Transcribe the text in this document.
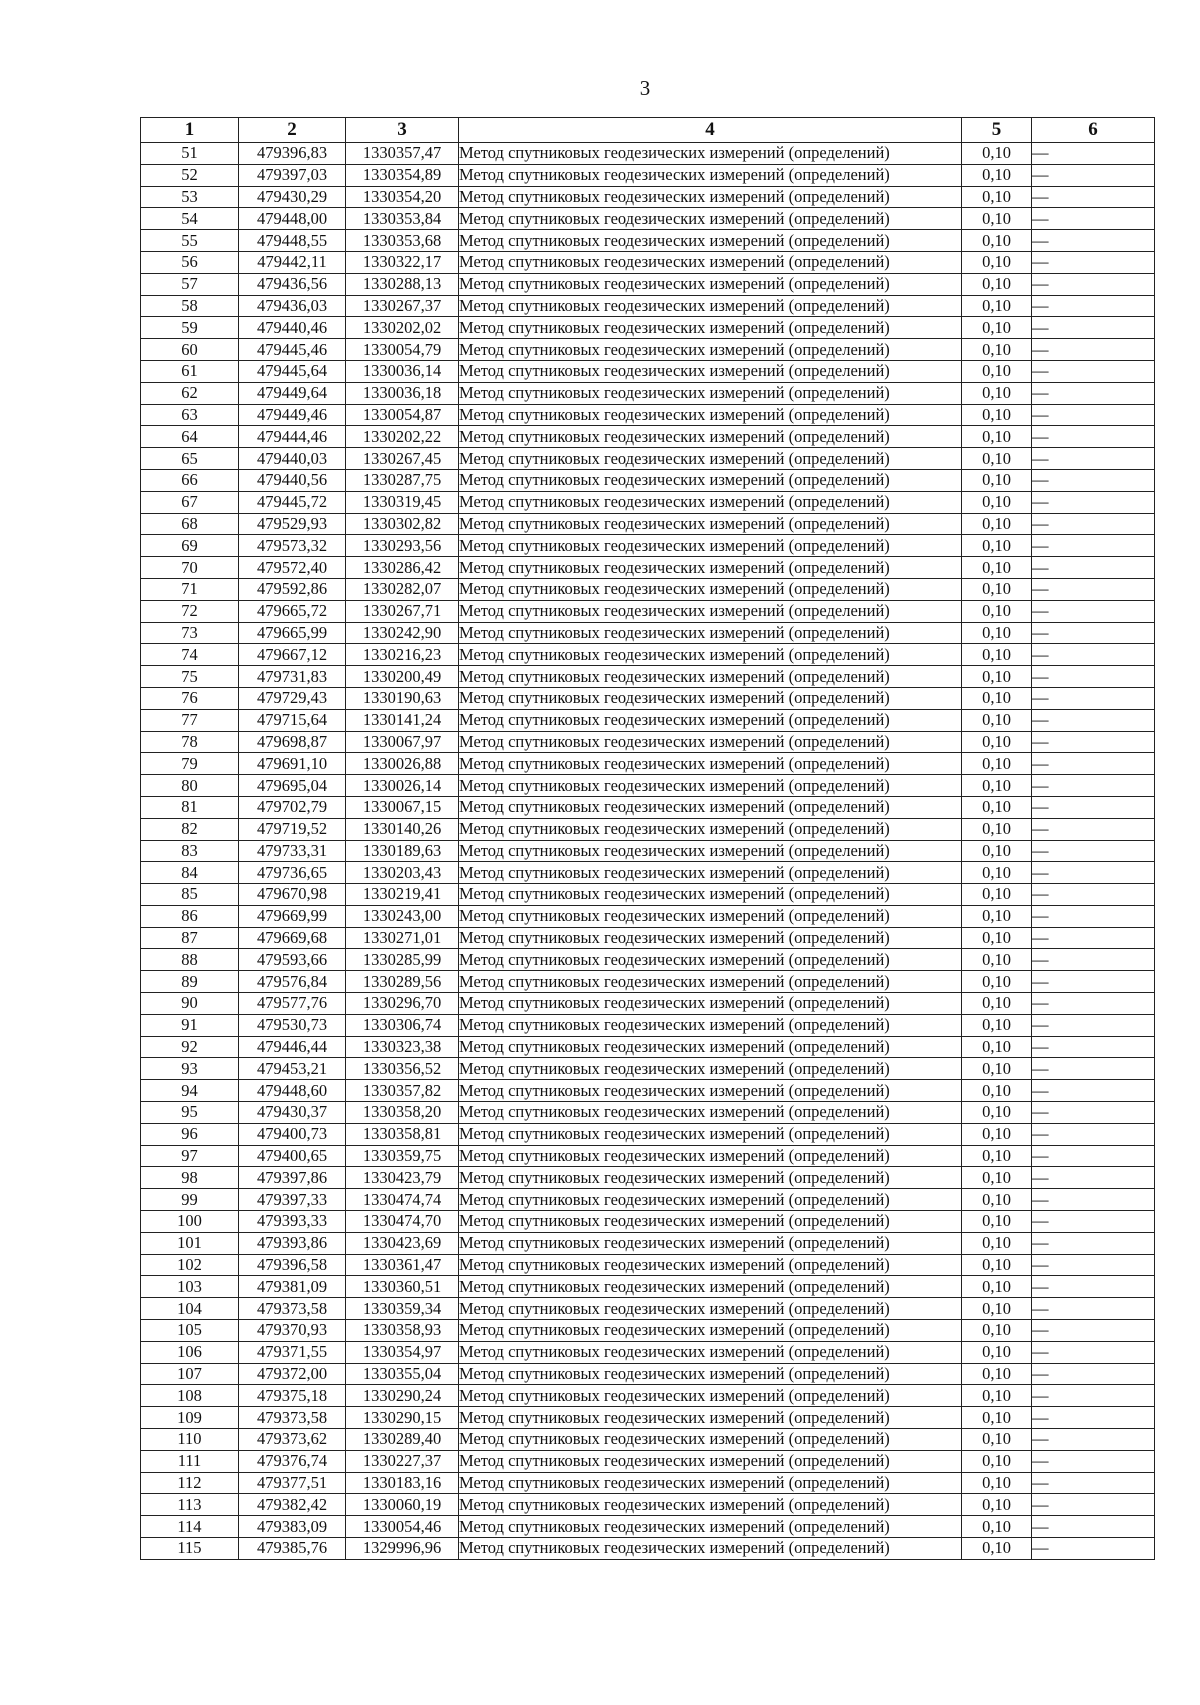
3
1	2	3	4	5	6
51	479396,83	1330357,47	Метод спутниковых геодезических измерений (определений)	0,10	—
52	479397,03	1330354,89	Метод спутниковых геодезических измерений (определений)	0,10	—
53	479430,29	1330354,20	Метод спутниковых геодезических измерений (определений)	0,10	—
54	479448,00	1330353,84	Метод спутниковых геодезических измерений (определений)	0,10	—
55	479448,55	1330353,68	Метод спутниковых геодезических измерений (определений)	0,10	—
56	479442,11	1330322,17	Метод спутниковых геодезических измерений (определений)	0,10	—
57	479436,56	1330288,13	Метод спутниковых геодезических измерений (определений)	0,10	—
58	479436,03	1330267,37	Метод спутниковых геодезических измерений (определений)	0,10	—
59	479440,46	1330202,02	Метод спутниковых геодезических измерений (определений)	0,10	—
60	479445,46	1330054,79	Метод спутниковых геодезических измерений (определений)	0,10	—
61	479445,64	1330036,14	Метод спутниковых геодезических измерений (определений)	0,10	—
62	479449,64	1330036,18	Метод спутниковых геодезических измерений (определений)	0,10	—
63	479449,46	1330054,87	Метод спутниковых геодезических измерений (определений)	0,10	—
64	479444,46	1330202,22	Метод спутниковых геодезических измерений (определений)	0,10	—
65	479440,03	1330267,45	Метод спутниковых геодезических измерений (определений)	0,10	—
66	479440,56	1330287,75	Метод спутниковых геодезических измерений (определений)	0,10	—
67	479445,72	1330319,45	Метод спутниковых геодезических измерений (определений)	0,10	—
68	479529,93	1330302,82	Метод спутниковых геодезических измерений (определений)	0,10	—
69	479573,32	1330293,56	Метод спутниковых геодезических измерений (определений)	0,10	—
70	479572,40	1330286,42	Метод спутниковых геодезических измерений (определений)	0,10	—
71	479592,86	1330282,07	Метод спутниковых геодезических измерений (определений)	0,10	—
72	479665,72	1330267,71	Метод спутниковых геодезических измерений (определений)	0,10	—
73	479665,99	1330242,90	Метод спутниковых геодезических измерений (определений)	0,10	—
74	479667,12	1330216,23	Метод спутниковых геодезических измерений (определений)	0,10	—
75	479731,83	1330200,49	Метод спутниковых геодезических измерений (определений)	0,10	—
76	479729,43	1330190,63	Метод спутниковых геодезических измерений (определений)	0,10	—
77	479715,64	1330141,24	Метод спутниковых геодезических измерений (определений)	0,10	—
78	479698,87	1330067,97	Метод спутниковых геодезических измерений (определений)	0,10	—
79	479691,10	1330026,88	Метод спутниковых геодезических измерений (определений)	0,10	—
80	479695,04	1330026,14	Метод спутниковых геодезических измерений (определений)	0,10	—
81	479702,79	1330067,15	Метод спутниковых геодезических измерений (определений)	0,10	—
82	479719,52	1330140,26	Метод спутниковых геодезических измерений (определений)	0,10	—
83	479733,31	1330189,63	Метод спутниковых геодезических измерений (определений)	0,10	—
84	479736,65	1330203,43	Метод спутниковых геодезических измерений (определений)	0,10	—
85	479670,98	1330219,41	Метод спутниковых геодезических измерений (определений)	0,10	—
86	479669,99	1330243,00	Метод спутниковых геодезических измерений (определений)	0,10	—
87	479669,68	1330271,01	Метод спутниковых геодезических измерений (определений)	0,10	—
88	479593,66	1330285,99	Метод спутниковых геодезических измерений (определений)	0,10	—
89	479576,84	1330289,56	Метод спутниковых геодезических измерений (определений)	0,10	—
90	479577,76	1330296,70	Метод спутниковых геодезических измерений (определений)	0,10	—
91	479530,73	1330306,74	Метод спутниковых геодезических измерений (определений)	0,10	—
92	479446,44	1330323,38	Метод спутниковых геодезических измерений (определений)	0,10	—
93	479453,21	1330356,52	Метод спутниковых геодезических измерений (определений)	0,10	—
94	479448,60	1330357,82	Метод спутниковых геодезических измерений (определений)	0,10	—
95	479430,37	1330358,20	Метод спутниковых геодезических измерений (определений)	0,10	—
96	479400,73	1330358,81	Метод спутниковых геодезических измерений (определений)	0,10	—
97	479400,65	1330359,75	Метод спутниковых геодезических измерений (определений)	0,10	—
98	479397,86	1330423,79	Метод спутниковых геодезических измерений (определений)	0,10	—
99	479397,33	1330474,74	Метод спутниковых геодезических измерений (определений)	0,10	—
100	479393,33	1330474,70	Метод спутниковых геодезических измерений (определений)	0,10	—
101	479393,86	1330423,69	Метод спутниковых геодезических измерений (определений)	0,10	—
102	479396,58	1330361,47	Метод спутниковых геодезических измерений (определений)	0,10	—
103	479381,09	1330360,51	Метод спутниковых геодезических измерений (определений)	0,10	—
104	479373,58	1330359,34	Метод спутниковых геодезических измерений (определений)	0,10	—
105	479370,93	1330358,93	Метод спутниковых геодезических измерений (определений)	0,10	—
106	479371,55	1330354,97	Метод спутниковых геодезических измерений (определений)	0,10	—
107	479372,00	1330355,04	Метод спутниковых геодезических измерений (определений)	0,10	—
108	479375,18	1330290,24	Метод спутниковых геодезических измерений (определений)	0,10	—
109	479373,58	1330290,15	Метод спутниковых геодезических измерений (определений)	0,10	—
110	479373,62	1330289,40	Метод спутниковых геодезических измерений (определений)	0,10	—
111	479376,74	1330227,37	Метод спутниковых геодезических измерений (определений)	0,10	—
112	479377,51	1330183,16	Метод спутниковых геодезических измерений (определений)	0,10	—
113	479382,42	1330060,19	Метод спутниковых геодезических измерений (определений)	0,10	—
114	479383,09	1330054,46	Метод спутниковых геодезических измерений (определений)	0,10	—
115	479385,76	1329996,96	Метод спутниковых геодезических измерений (определений)	0,10	—
